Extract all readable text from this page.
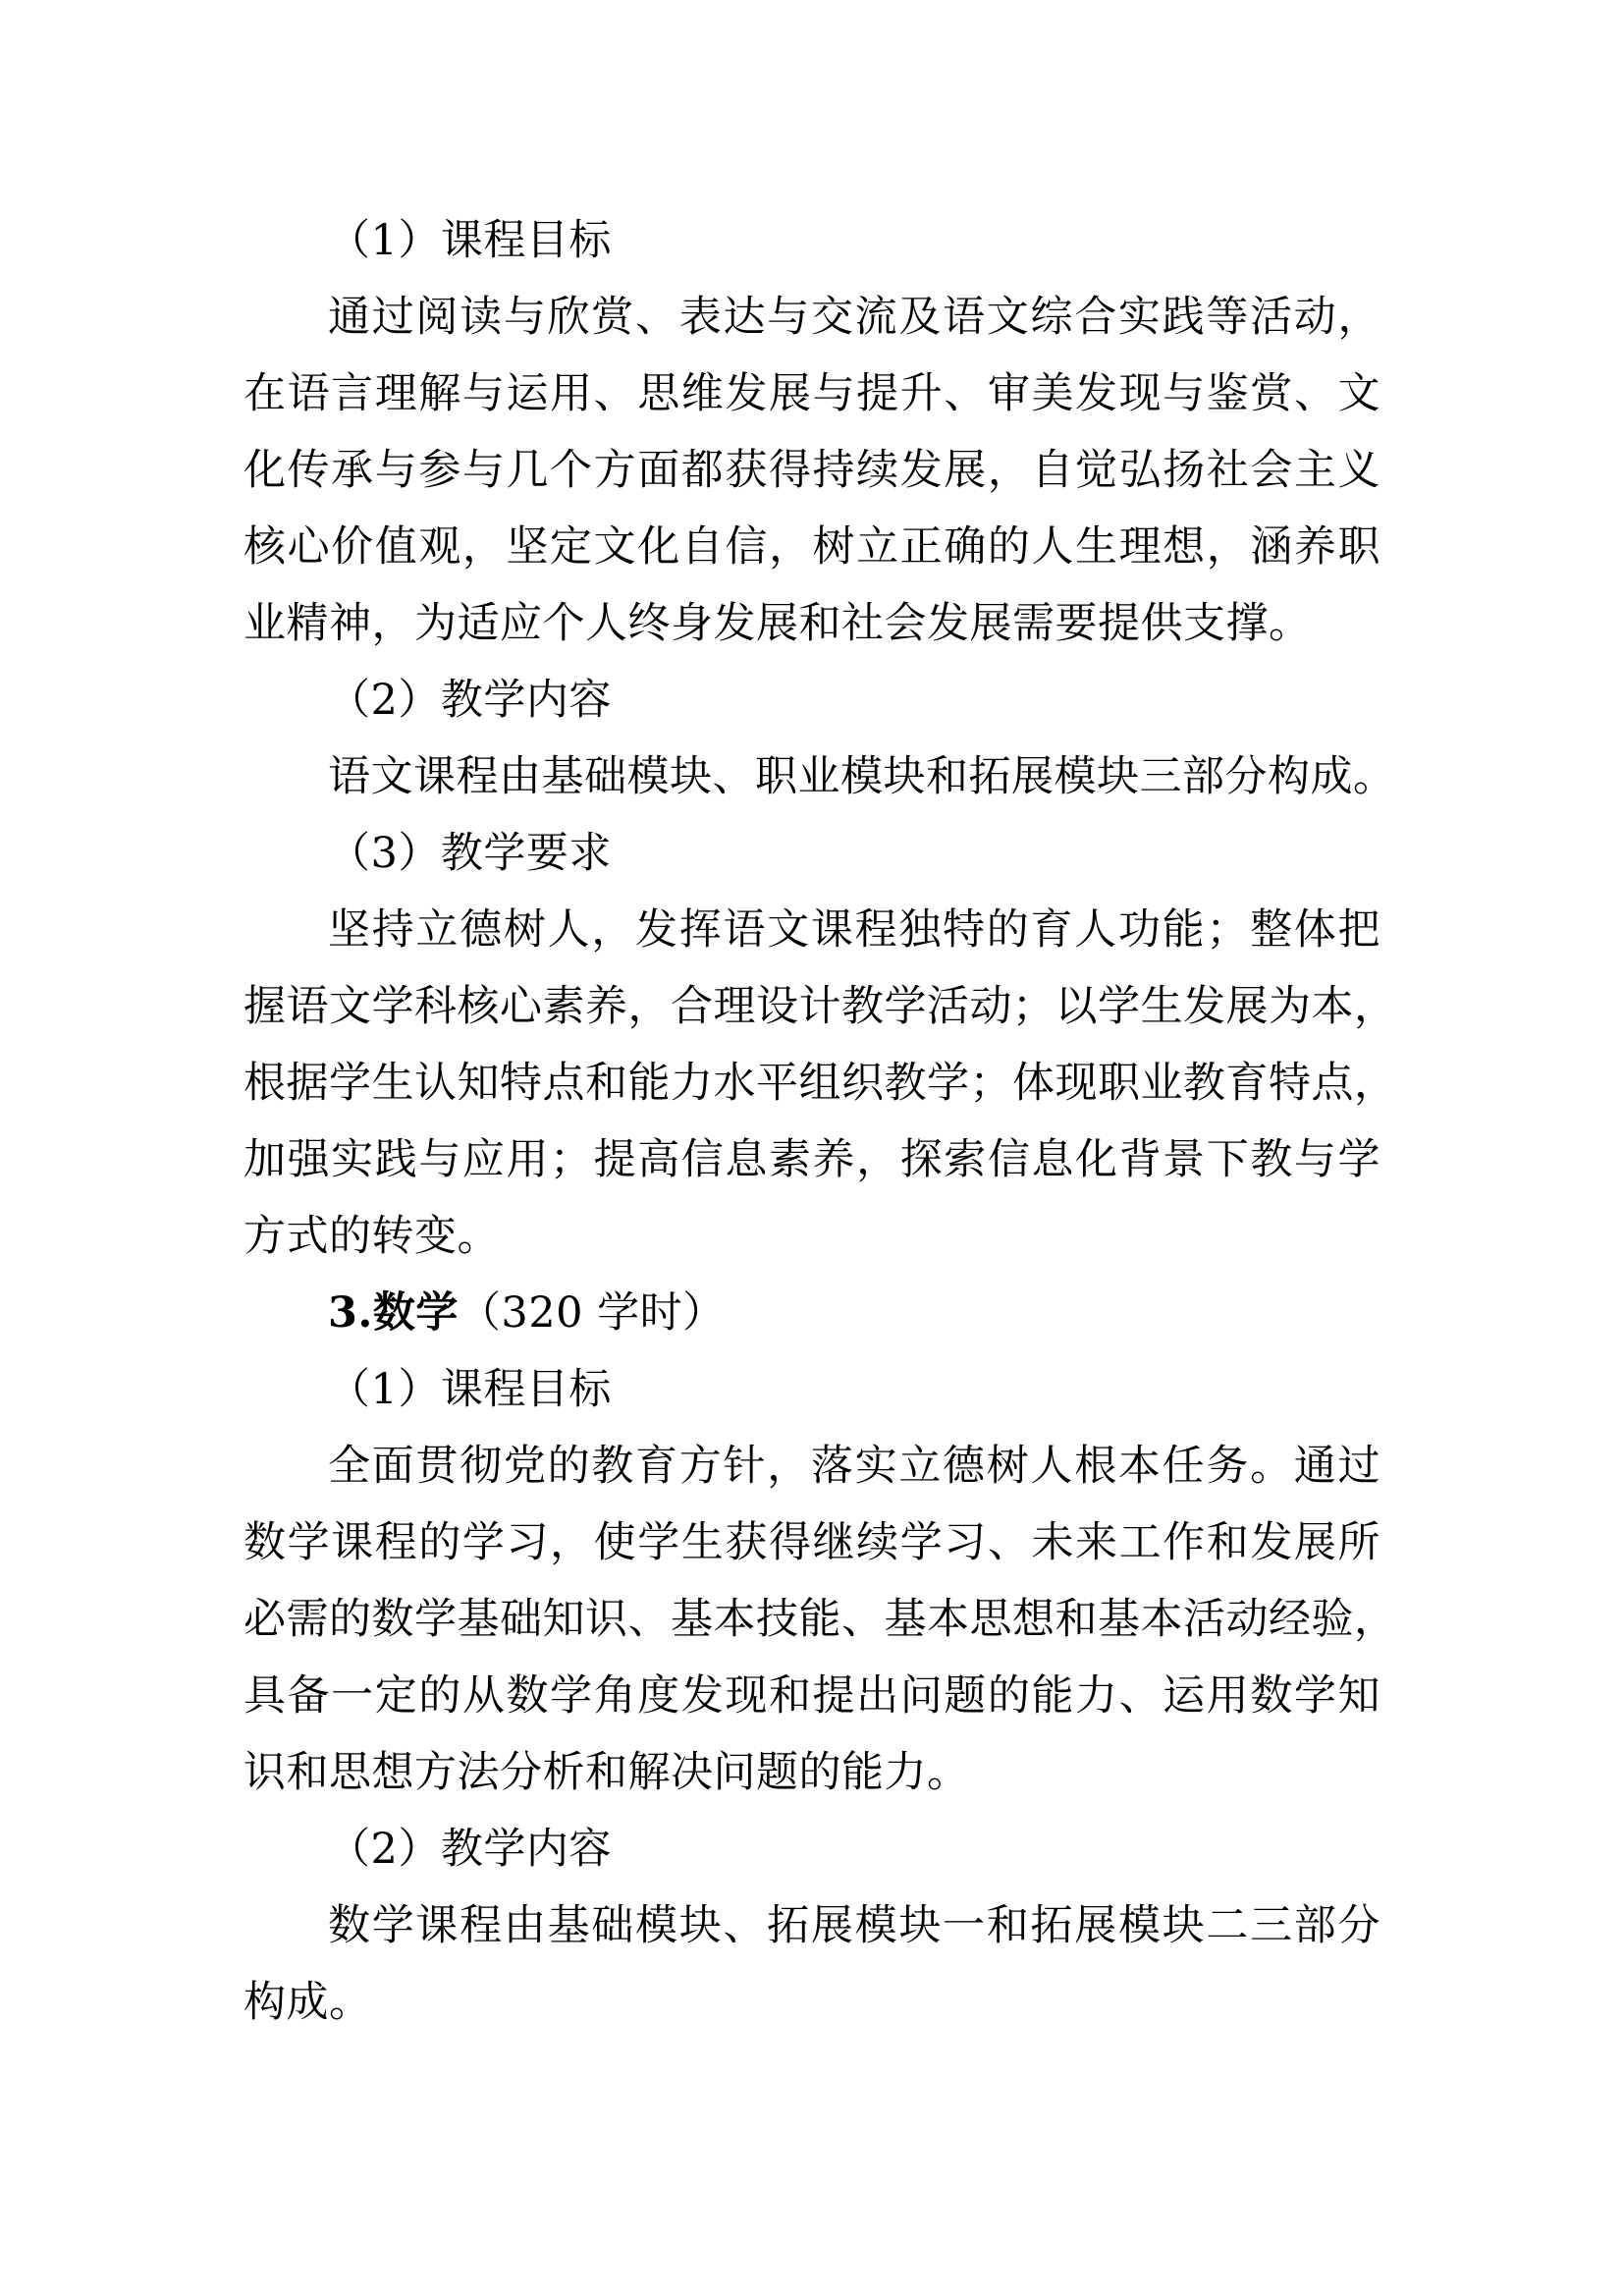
（1）课程目标
通过阅读与欣赏、表达与交流及语文综合实践等活动，
在语言理解与运用、思维发展与提升、审美发现与鉴赏、文
化传承与参与几个方面都获得持续发展，自觉弘扬社会主义
核心价值观，坚定文化自信，树立正确的人生理想，涵养职
业精神，为适应个人终身发展和社会发展需要提供支撑。
（2）教学内容
语文课程由基础模块、职业模块和拓展模块三部分构成。
（3）教学要求
坚持立德树人，发挥语文课程独特的育人功能；整体把
握语文学科核心素养，合理设计教学活动；以学生发展为本，
根据学生认知特点和能力水平组织教学；体现职业教育特点，
加强实践与应用；提高信息素养，探索信息化背景下教与学
方式的转变。
3.数学（320 学时）
（1）课程目标
全面贯彻党的教育方针，落实立德树人根本任务。通过
数学课程的学习，使学生获得继续学习、未来工作和发展所
必需的数学基础知识、基本技能、基本思想和基本活动经验，
具备一定的从数学角度发现和提出问题的能力、运用数学知
识和思想方法分析和解决问题的能力。
（2）教学内容
数学课程由基础模块、拓展模块一和拓展模块二三部分
构成。
